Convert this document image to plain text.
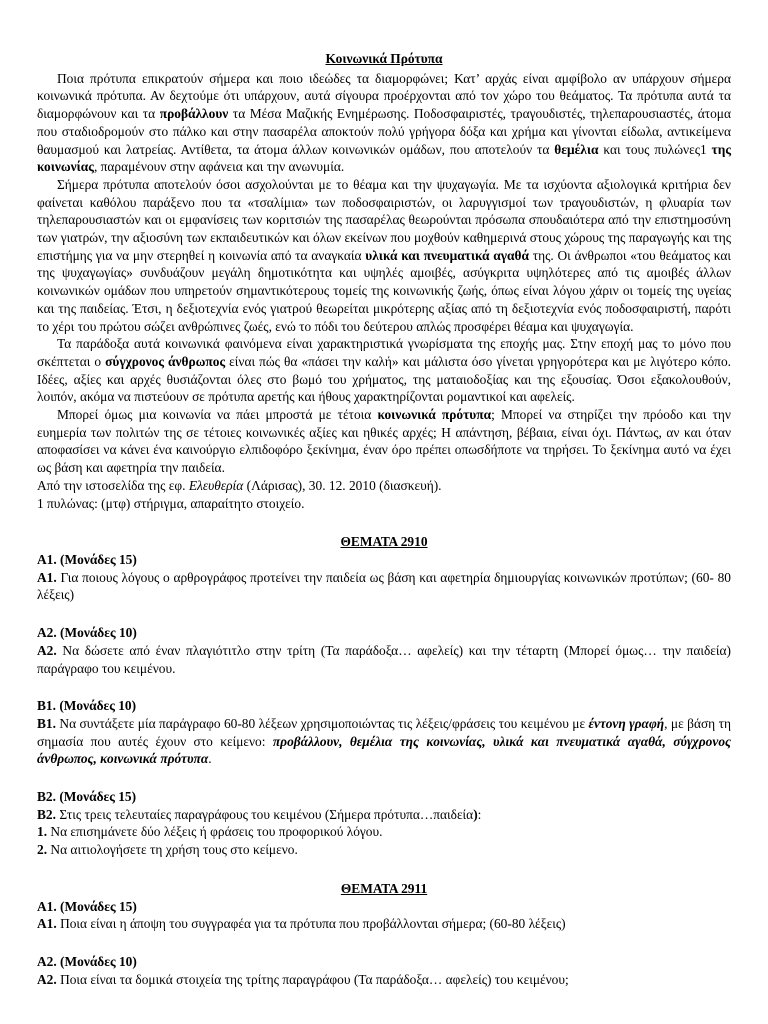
Κοινωνικά Πρότυπα

Ποια πρότυπα επικρατούν σήμερα και ποιο ιδεώδες τα διαμορφώνει; Κατ’ αρχάς είναι αμφίβολο αν υπάρχουν σήμερα κοινωνικά πρότυπα. Αν δεχτούμε ότι υπάρχουν, αυτά σίγουρα προέρχονται από τον χώρο του θεάματος. Τα πρότυπα αυτά τα διαμορφώνουν και τα προβάλλουν τα Μέσα Μαζικής Ενημέρωσης. Ποδοσφαιριστές, τραγουδιστές, τηλεπαρουσιαστές, άτομα που σταδιοδρομούν στο πάλκο και στην πασαρέλα αποκτούν πολύ γρήγορα δόξα και χρήμα και γίνονται είδωλα, αντικείμενα θαυμασμού και λατρείας. Αντίθετα, τα άτομα άλλων κοινωνικών ομάδων, που αποτελούν τα θεμέλια και τους πυλώνες1 της κοινωνίας, παραμένουν στην αφάνεια και την ανωνυμία.

Σήμερα πρότυπα αποτελούν όσοι ασχολούνται με το θέαμα και την ψυχαγωγία. Με τα ισχύοντα αξιολογικά κριτήρια δεν φαίνεται καθόλου παράξενο που τα «τσαλίμια» των ποδοσφαιριστών, οι λαρυγγισμοί των τραγουδιστών, η φλυαρία των τηλεπαρουσιαστών και οι εμφανίσεις των κοριτσιών της πασαρέλας θεωρούνται πρόσωπα σπουδαιότερα από την επιστημοσύνη των γιατρών, την αξιοσύνη των εκπαιδευτικών και όλων εκείνων που μοχθούν καθημερινά στους χώρους της παραγωγής και της επιστήμης για να μην στερηθεί η κοινωνία από τα αναγκαία υλικά και πνευματικά αγαθά της. Οι άνθρωποι «του θεάματος και της ψυχαγωγίας» συνδυάζουν μεγάλη δημοτικότητα και υψηλές αμοιβές, ασύγκριτα υψηλότερες από τις αμοιβές άλλων κοινωνικών ομάδων που υπηρετούν σημαντικότερους τομείς της κοινωνικής ζωής, όπως είναι λόγου χάριν οι τομείς της υγείας και της παιδείας. Έτσι, η δεξιοτεχνία ενός γιατρού θεωρείται μικρότερης αξίας από τη δεξιοτεχνία ενός ποδοσφαιριστή, παρότι το χέρι του πρώτου σώζει ανθρώπινες ζωές, ενώ το πόδι του δεύτερου απλώς προσφέρει θέαμα και ψυχαγωγία.

Τα παράδοξα αυτά κοινωνικά φαινόμενα είναι χαρακτηριστικά γνωρίσματα της εποχής μας. Στην εποχή μας το μόνο που σκέπτεται ο σύγχρονος άνθρωπος είναι πώς θα «πάσει την καλή» και μάλιστα όσο γίνεται γρηγορότερα και με λιγότερο κόπο. Ιδέες, αξίες και αρχές θυσιάζονται όλες στο βωμό του χρήματος, της ματαιοδοξίας και της εξουσίας. Όσοι εξακολουθούν, λοιπόν, ακόμα να πιστεύουν σε πρότυπα αρετής και ήθους χαρακτηρίζονται ρομαντικοί και αφελείς.

Μπορεί όμως μια κοινωνία να πάει μπροστά με τέτοια κοινωνικά πρότυπα; Μπορεί να στηρίζει την πρόοδο και την ευημερία των πολιτών της σε τέτοιες κοινωνικές αξίες και ηθικές αρχές; Η απάντηση, βέβαια, είναι όχι. Πάντως, αν και όταν αποφασίσει να κάνει ένα καινούργιο ελπιδοφόρο ξεκίνημα, έναν όρο πρέπει οπωσδήποτε να τηρήσει. Το ξεκίνημα αυτό να έχει ως βάση και αφετηρία την παιδεία.

Από την ιστοσελίδα της εφ. Ελευθερία (Λάρισας), 30. 12. 2010 (διασκευή).

1 πυλώνας: (μτφ) στήριγμα, απαραίτητο στοιχείο.

ΘΕΜΑΤΑ 2910

Α1. (Μονάδες 15)

Α1. Για ποιους λόγους ο αρθρογράφος προτείνει την παιδεία ως βάση και αφετηρία δημιουργίας κοινωνικών προτύπων; (60- 80 λέξεις)

Α2. (Μονάδες 10)

Α2. Να δώσετε από έναν πλαγιότιτλο στην τρίτη (Τα παράδοξα… αφελείς) και την τέταρτη (Μπορεί όμως… την παιδεία) παράγραφο του κειμένου.

Β1. (Μονάδες 10)

Β1. Να συντάξετε μία παράγραφο 60-80 λέξεων χρησιμοποιώντας τις λέξεις/φράσεις του κειμένου με έντονη γραφή, με βάση τη σημασία που αυτές έχουν στο κείμενο: προβάλλουν, θεμέλια της κοινωνίας, υλικά και πνευματικά αγαθά, σύγχρονος άνθρωπος, κοινωνικά πρότυπα.

Β2. (Μονάδες 15)

Β2. Στις τρεις τελευταίες παραγράφους του κειμένου (Σήμερα πρότυπα…παιδεία):

1. Να επισημάνετε δύο λέξεις ή φράσεις του προφορικού λόγου.

2. Να αιτιολογήσετε τη χρήση τους στο κείμενο.

ΘΕΜΑΤΑ 2911

Α1. (Μονάδες 15)

Α1. Ποια είναι η άποψη του συγγραφέα για τα πρότυπα που προβάλλονται σήμερα; (60-80 λέξεις)

Α2. (Μονάδες 10)

Α2. Ποια είναι τα δομικά στοιχεία της τρίτης παραγράφου (Τα παράδοξα… αφελείς) του κειμένου;
